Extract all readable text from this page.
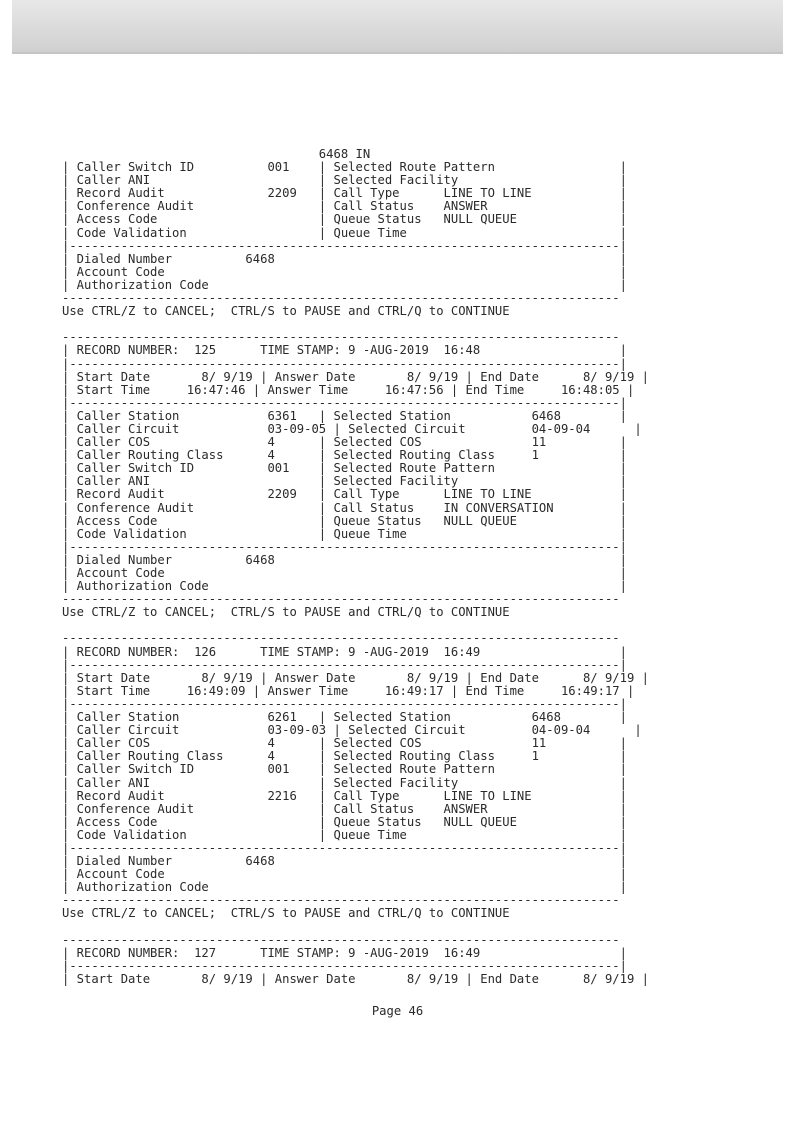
6468 IN
| Caller Switch ID          001    | Selected Route Pattern                 |
| Caller ANI                       | Selected Facility                      |
| Record Audit              2209   | Call Type      LINE TO LINE            |
| Conference Audit                 | Call Status    ANSWER                  |
| Access Code                      | Queue Status   NULL QUEUE              |
| Code Validation                  | Queue Time                             |
|---------------------------------------------------------------------------|
| Dialed Number          6468                                               |
| Account Code                                                              |
| Authorization Code                                                        |
----------------------------------------------------------------------------
Use CTRL/Z to CANCEL;  CTRL/S to PAUSE and CTRL/Q to CONTINUE
----------------------------------------------------------------------------
| RECORD NUMBER:  125      TIME STAMP: 9 -AUG-2019  16:48                   |
|---------------------------------------------------------------------------|
| Start Date       8/ 9/19 | Answer Date       8/ 9/19 | End Date      8/ 9/19 |
| Start Time     16:47:46 | Answer Time     16:47:56 | End Time     16:48:05 |
|---------------------------------------------------------------------------|
| Caller Station            6361   | Selected Station           6468        |
| Caller Circuit            03-09-05 | Selected Circuit         04-09-04      |
| Caller COS                4      | Selected COS               11          |
| Caller Routing Class      4      | Selected Routing Class     1           |
| Caller Switch ID          001    | Selected Route Pattern                 |
| Caller ANI                       | Selected Facility                      |
| Record Audit              2209   | Call Type      LINE TO LINE            |
| Conference Audit                 | Call Status    IN CONVERSATION         |
| Access Code                      | Queue Status   NULL QUEUE              |
| Code Validation                  | Queue Time                             |
|---------------------------------------------------------------------------|
| Dialed Number          6468                                               |
| Account Code                                                              |
| Authorization Code                                                        |
----------------------------------------------------------------------------
Use CTRL/Z to CANCEL;  CTRL/S to PAUSE and CTRL/Q to CONTINUE
----------------------------------------------------------------------------
| RECORD NUMBER:  126      TIME STAMP: 9 -AUG-2019  16:49                   |
|---------------------------------------------------------------------------|
| Start Date       8/ 9/19 | Answer Date       8/ 9/19 | End Date      8/ 9/19 |
| Start Time     16:49:09 | Answer Time     16:49:17 | End Time     16:49:17 |
|---------------------------------------------------------------------------|
| Caller Station            6261   | Selected Station           6468        |
| Caller Circuit            03-09-03 | Selected Circuit         04-09-04      |
| Caller COS                4      | Selected COS               11          |
| Caller Routing Class      4      | Selected Routing Class     1           |
| Caller Switch ID          001    | Selected Route Pattern                 |
| Caller ANI                       | Selected Facility                      |
| Record Audit              2216   | Call Type      LINE TO LINE            |
| Conference Audit                 | Call Status    ANSWER                  |
| Access Code                      | Queue Status   NULL QUEUE              |
| Code Validation                  | Queue Time                             |
|---------------------------------------------------------------------------|
| Dialed Number          6468                                               |
| Account Code                                                              |
| Authorization Code                                                        |
----------------------------------------------------------------------------
Use CTRL/Z to CANCEL;  CTRL/S to PAUSE and CTRL/Q to CONTINUE
----------------------------------------------------------------------------
| RECORD NUMBER:  127      TIME STAMP: 9 -AUG-2019  16:49                   |
|---------------------------------------------------------------------------|
| Start Date       8/ 9/19 | Answer Date       8/ 9/19 | End Date      8/ 9/19 |
Page 46
